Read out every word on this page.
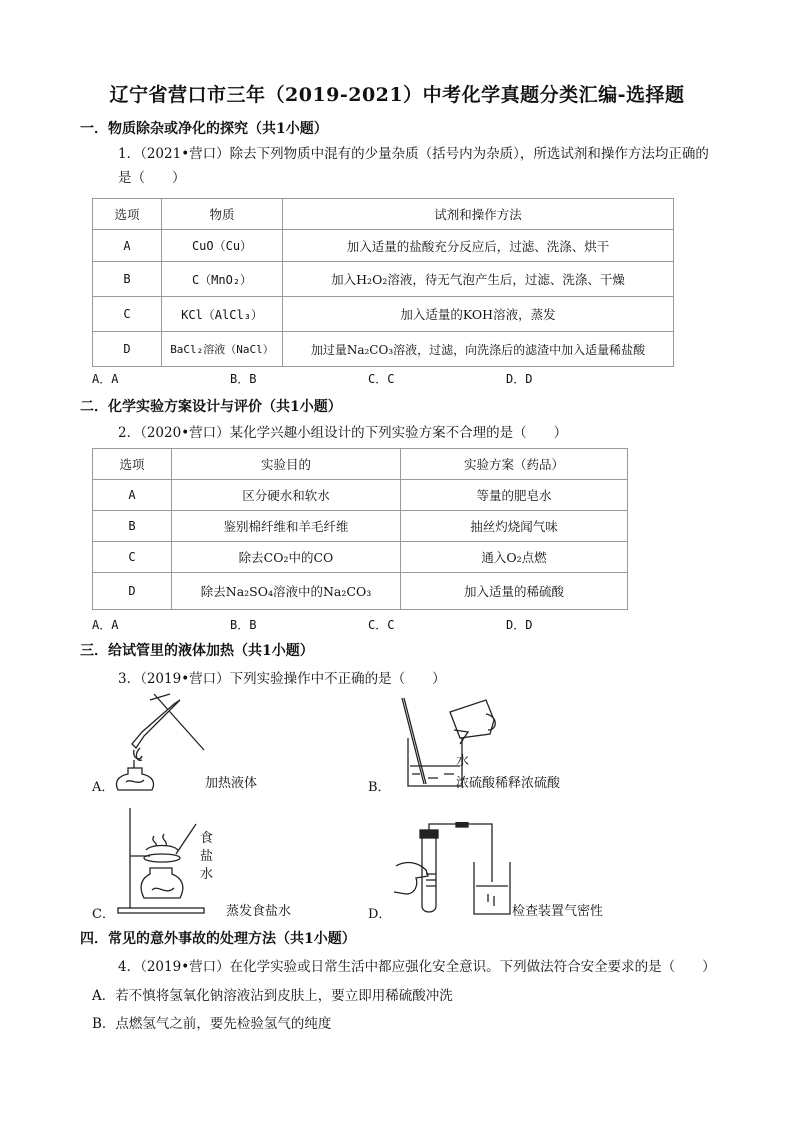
辽宁省营口市三年（2019-2021）中考化学真题分类汇编-选择题
一．物质除杂或净化的探究（共1小题）
1．（2021•营口）除去下列物质中混有的少量杂质（括号内为杂质），所选试剂和操作方法均正确的
是（　　）
选项	物质	试剂和操作方法
A	CuO（Cu）	加入适量的盐酸充分反应后，过滤、洗涤、烘干
B	C（MnO₂）	加入H₂O₂溶液，待无气泡产生后，过滤、洗涤、干燥
C	KCl（AlCl₃）	加入适量的KOH溶液，蒸发
D	BaCl₂溶液（NaCl）	加过量Na₂CO₃溶液，过滤，向洗涤后的滤渣中加入适量稀盐酸
A．A	B．B	C．C	D．D
二．化学实验方案设计与评价（共1小题）
2．（2020•营口）某化学兴趣小组设计的下列实验方案不合理的是（　　）
选项	实验目的	实验方案（药品）
A	区分硬水和软水	等量的肥皂水
B	鉴别棉纤维和羊毛纤维	抽丝灼烧闻气味
C	除去CO₂中的CO	通入O₂点燃
D	除去Na₂SO₄溶液中的Na₂CO₃	加入适量的稀硫酸
A．A	B．B	C．C	D．D
三．给试管里的液体加热（共1小题）
3．（2019•营口）下列实验操作中不正确的是（　　）
A．	加热液体
水
B．	浓硫酸稀释浓硫酸
食
盐
水
C．	蒸发食盐水	D．	检查装置气密性
四．常见的意外事故的处理方法（共1小题）
4．（2019•营口）在化学实验或日常生活中都应强化安全意识。下列做法符合安全要求的是（　　）
A．若不慎将氢氧化钠溶液沾到皮肤上，要立即用稀硫酸冲洗
B．点燃氢气之前，要先检验氢气的纯度
